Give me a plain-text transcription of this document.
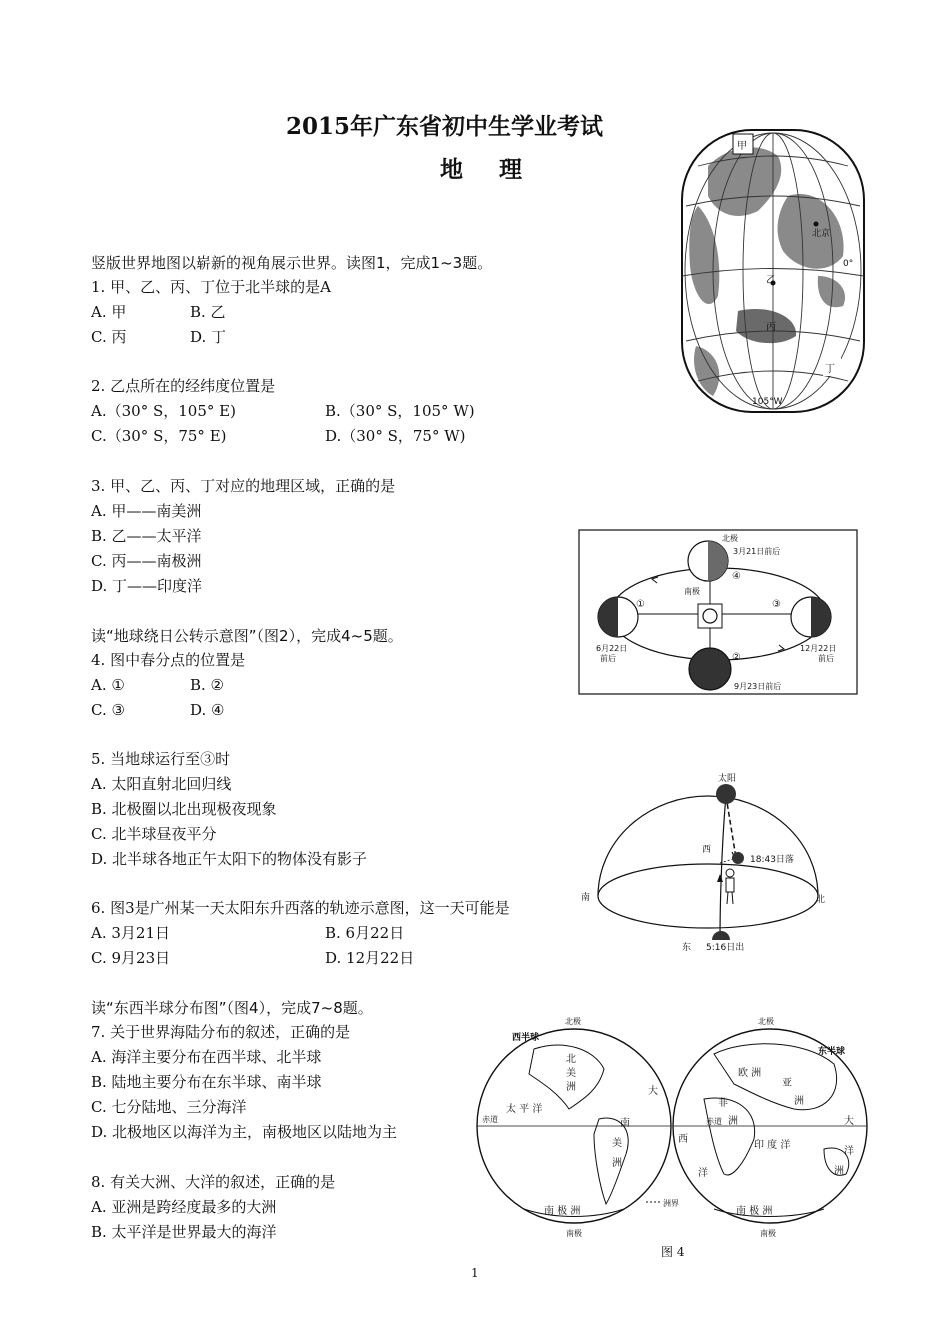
2015年广东省初中生学业考试
地 理
竖版世界地图以崭新的视角展示世界。读图1，完成1~3题。
1. 甲、乙、丙、丁位于北半球的是A
A. 甲	B. 乙
C. 丙	D. 丁
2. 乙点所在的经纬度位置是
A.（30° S，105° E)	B.（30° S，105° W)
C.（30° S，75° E)	D.（30° S，75° W)
3. 甲、乙、丙、丁对应的地理区域，正确的是
A. 甲——南美洲
B. 乙——太平洋
C. 丙——南极洲
D. 丁——印度洋
读“地球绕日公转示意图”（图2），完成4~5题。
4. 图中春分点的位置是
A. ①	B. ②
C. ③	D. ④
5. 当地球运行至③时
A. 太阳直射北回归线
B. 北极圈以北出现极夜现象
C. 北半球昼夜平分
D. 北半球各地正午太阳下的物体没有影子
6. 图3是广州某一天太阳东升西落的轨迹示意图，这一天可能是
A. 3月21日	B. 6月22日
C. 9月23日	D. 12月22日
读“东西半球分布图”（图4），完成7~8题。
7. 关于世界海陆分布的叙述，正确的是
A. 海洋主要分布在西半球、北半球
B. 陆地主要分布在东半球、南半球
C. 七分陆地、三分海洋
D. 北极地区以海洋为主，南极地区以陆地为主
8. 有关大洲、大洋的叙述，正确的是
A. 亚洲是跨经度最多的大洲
B. 太平洋是世界最大的海洋
甲
乙
丙
丁
北京
0°
105°W
北极
3月21日前后
南极
6月22日
前后
12月22日
前后
9月23日前后
①
②
③
④
太阳
西
南	北
东
18:43日落
5:16日出
西半球
东半球
北极	北极
南极	南极
赤道	赤道
太 平 洋
南 极 洲	南 极 洲
洲界
北
美
洲
南
美
洲
大
欧 洲
亚
洲
非
洲
印 度 洋
西
洋
大
洋
洲
图 4
1
